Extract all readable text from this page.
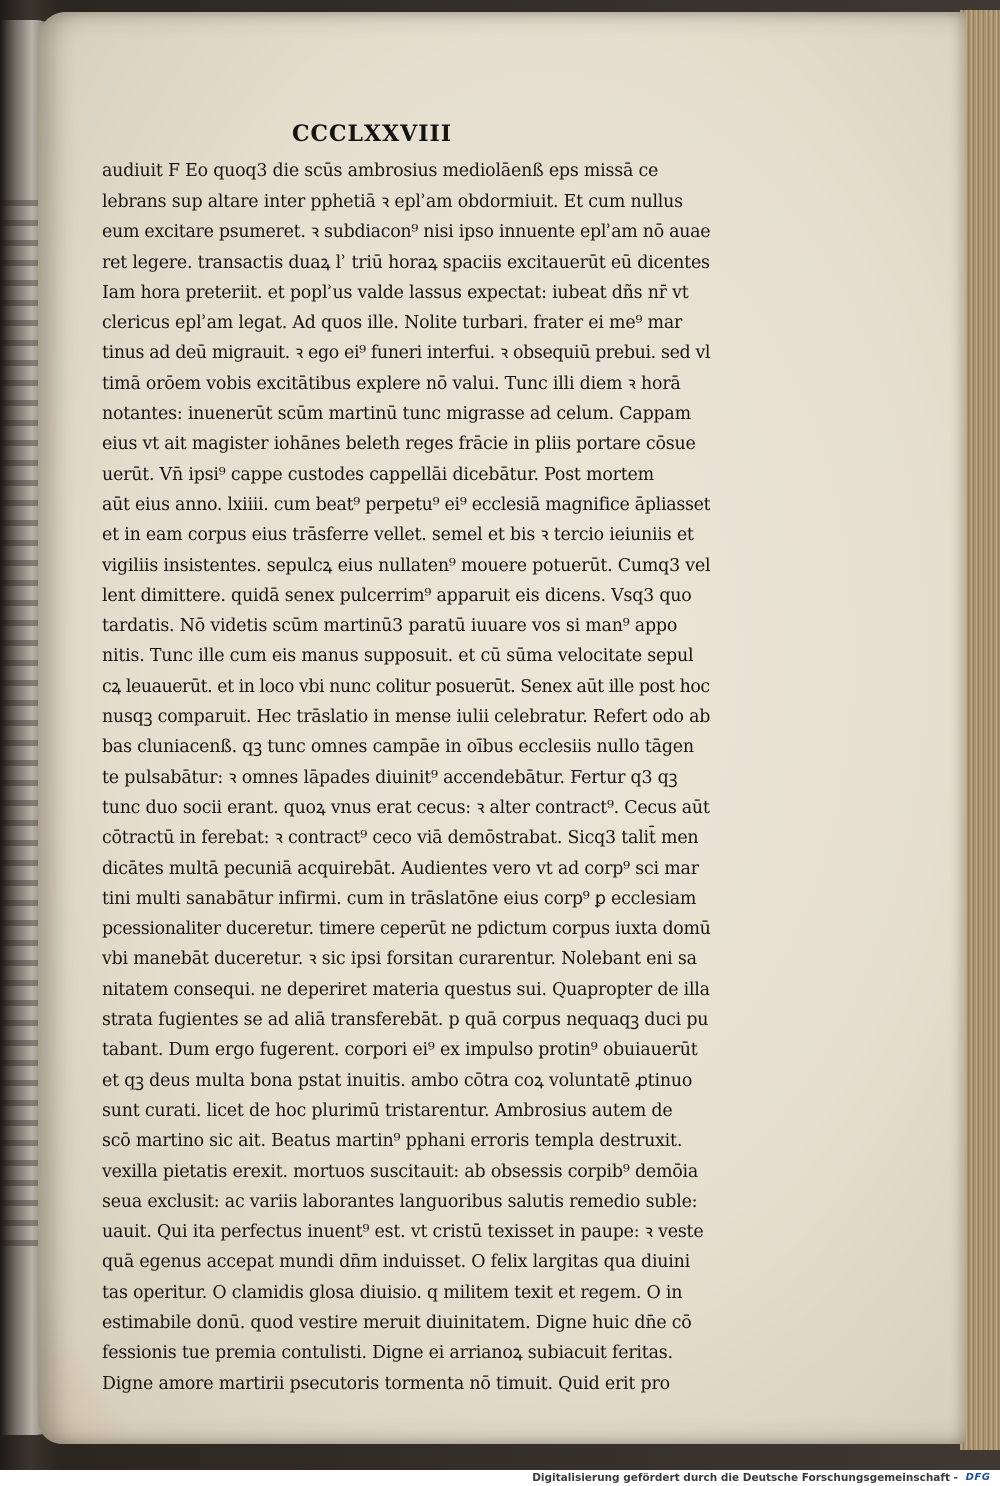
CCCLXXVIII
audiuit F Eo quoq3 die scūs ambrosius mediolāenß eps missā ce
lebrans sup altare inter pphetiā ꝛ eplʾam obdormiuit. Et cum nullus
eum excitare psumeret. ꝛ subdiacon⁹ nisi ipso innuente eplʾam nō auae
ret legere. transactis duaꝝ lʾ triū horaꝝ spaciis excitauerūt eū dicentes
Iam hora preteriit. et poplʾus valde lassus expectat: iubeat dñs nr̄ vt
clericus eplʾam legat. Ad quos ille. Nolite turbari. frater ei me⁹ mar
tinus ad deū migrauit. ꝛ ego ei⁹ funeri interfui. ꝛ obsequiū prebui. sed vl
timā orōem vobis excitātibus explere nō valui. Tunc illi diem ꝛ horā
notantes: inuenerūt scūm martinū tunc migrasse ad celum. Cappam
eius vt ait magister iohānes beleth reges frācie in pliis portare cōsue
uerūt. Vn̄ ipsi⁹ cappe custodes cappellāi dicebātur. Post mortem
aūt eius anno. lxiiii. cum beat⁹ perpetu⁹ ei⁹ ecclesiā magnifice āpliasset
et in eam corpus eius trāsferre vellet. semel et bis ꝛ tercio ieiuniis et
vigiliis insistentes. sepulcꝝ eius nullaten⁹ mouere potuerūt. Cumq3 vel
lent dimittere. quidā senex pulcerrim⁹ apparuit eis dicens. Vsq3 quo
tardatis. Nō videtis scūm martinū3 paratū iuuare vos si man⁹ appo
nitis. Tunc ille cum eis manus supposuit. et cū sūma velocitate sepul
cꝝ leuauerūt. et in loco vbi nunc colitur posuerūt. Senex aūt ille post hoc
nusqꝫ comparuit. Hec trāslatio in mense iulii celebratur. Refert odo ab
bas cluniacenß. qꝫ tunc omnes campāe in oībus ecclesiis nullo tāgen
te pulsabātur: ꝛ omnes lāpades diuinit⁹ accendebātur. Fertur q3 qꝫ
tunc duo socii erant. quoꝝ vnus erat cecus: ꝛ alter contract⁹. Cecus aūt
cōtractū in ferebat: ꝛ contract⁹ ceco viā demōstrabat. Sicq3 talit̄ men
dicātes multā pecuniā acquirebāt. Audientes vero vt ad corp⁹ sci mar
tini multi sanabātur infirmi. cum in trāslatōne eius corp⁹ ꝑ ecclesiam
pcessionaliter duceretur. timere ceperūt ne pdictum corpus iuxta domū
vbi manebāt duceretur. ꝛ sic ipsi forsitan curarentur. Nolebant eni sa
nitatem consequi. ne deperiret materia questus sui. Quapropter de illa
strata fugientes se ad aliā transferebāt. p quā corpus nequaqꝫ duci pu
tabant. Dum ergo fugerent. corpori ei⁹ ex impulso protin⁹ obuiauerūt
et qꝫ deus multa bona pstat inuitis. ambo cōtra coꝝ voluntatē ꝓtinuo
sunt curati. licet de hoc plurimū tristarentur. Ambrosius autem de
scō martino sic ait. Beatus martin⁹ pphani erroris templa destruxit.
vexilla pietatis erexit. mortuos suscitauit: ab obsessis corpib⁹ demōia
seua exclusit: ac variis laborantes languoribus salutis remedio suble:
uauit. Qui ita perfectus inuent⁹ est. vt cristū texisset in paupe: ꝛ veste
quā egenus accepat mundi dn̄m induisset. O felix largitas qua diuini
tas operitur. O clamidis glosa diuisio. q militem texit et regem. O in
estimabile donū. quod vestire meruit diuinitatem. Digne huic dn̄e cō
fessionis tue premia contulisti. Digne ei arrianoꝝ subiacuit feritas.
Digne amore martirii psecutoris tormenta nō timuit. Quid erit pro
Digitalisierung gefördert durch die Deutsche Forschungsgemeinschaft - DFG
